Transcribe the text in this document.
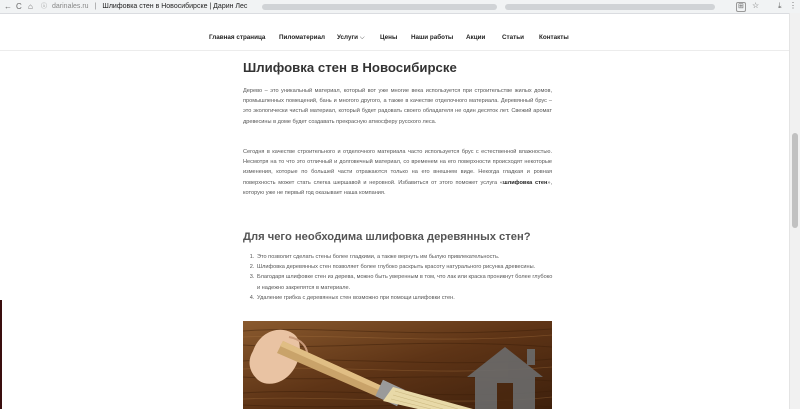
← C ⌂ ⓘ darinales.ru | Шлифовка стен в Новосибирске | Дарин Лес	⊞ ☆ ⤓ ⋮
Главная страница Пиломатериал Услуги ⌵ Цены Наши работы Акции	Статьи Контакты
Шлифовка стен в Новосибирске
Дерево – это уникальный материал, который вот уже многие века используется при строительстве жилых домов, промышленных помещений, бань и многого другого, а также в качестве отделочного материала. Деревянный брус – это экологически чистый материал, который будет радовать своего обладателя не один десяток лет. Свежий аромат древесины в доме будет создавать прекрасную атмосферу русского леса.
Сегодня в качестве строительного и отделочного материала часто используется брус с естественной влажностью. Несмотря на то что это отличный и долговечный материал, со временем на его поверхности происходят некоторые изменения, которые по большей части отражаются только на его внешнем виде. Некогда гладкая и ровная поверхность может стать слегка шершавой и неровной. Избавиться от этого поможет услуга «шлифовка стен», которую уже не первый год оказывает наша компания.
Для чего необходима шлифовка деревянных стен?
1. Это позволит сделать стены более гладкими, а также вернуть им былую привлекательность.
2. Шлифовка деревянных стен позволяет более глубоко раскрыть красоту натурального рисунка древесины.
3. Благодаря шлифовке стен из дерева, можно быть уверенным в том, что лак или краска проникнут более глубоко и надежно закрепятся в материале.
4. Удаление грибка с деревянных стен возможно при помощи шлифовки стен.
